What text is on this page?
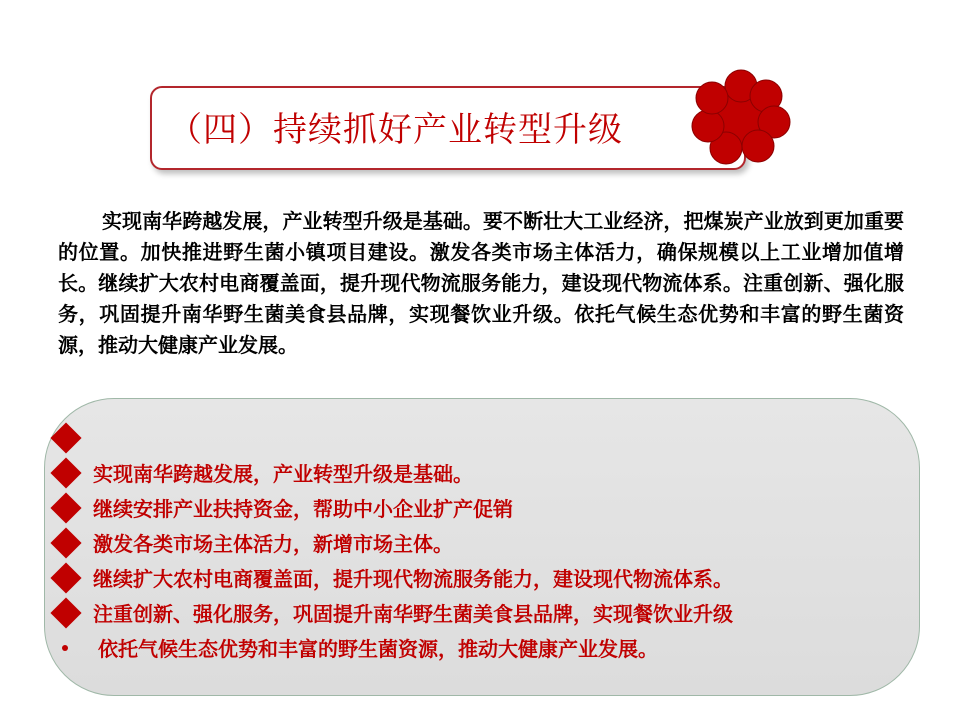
（四）持续抓好产业转型升级
实现南华跨越发展，产业转型升级是基础。要不断壮大工业经济，把煤炭产业放到更加重要的位置。加快推进野生菌小镇项目建设。激发各类市场主体活力，确保规模以上工业增加值增长。继续扩大农村电商覆盖面，提升现代物流服务能力，建设现代物流体系。注重创新、强化服务，巩固提升南华野生菌美食县品牌，实现餐饮业升级。依托气候生态优势和丰富的野生菌资源，推动大健康产业发展。
实现南华跨越发展，产业转型升级是基础。
继续安排产业扶持资金，帮助中小企业扩产促销
激发各类市场主体活力，新增市场主体。
继续扩大农村电商覆盖面，提升现代物流服务能力，建设现代物流体系。
注重创新、强化服务，巩固提升南华野生菌美食县品牌，实现餐饮业升级
依托气候生态优势和丰富的野生菌资源，推动大健康产业发展。
